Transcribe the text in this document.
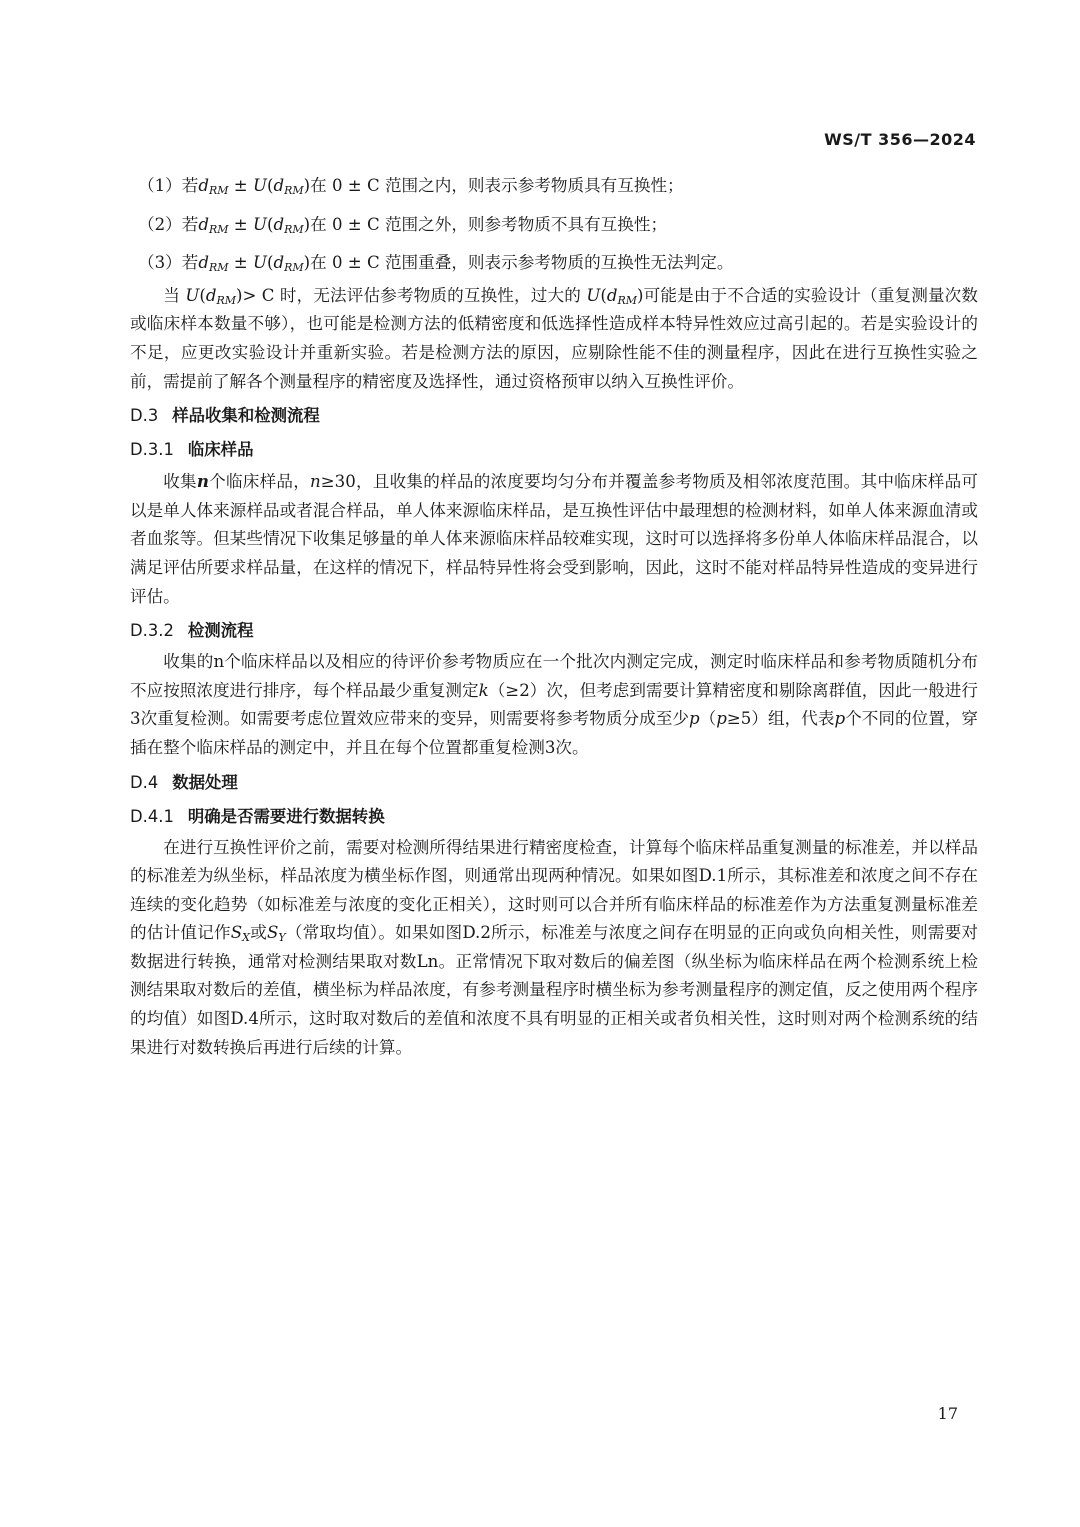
WS/T 356—2024
（1）若$d_{RM} \pm U(d_{RM})$在 0 ± C 范围之内，则表示参考物质具有互换性；
（2）若$d_{RM} \pm U(d_{RM})$在 0 ± C 范围之外，则参考物质不具有互换性；
（3）若$d_{RM} \pm U(d_{RM})$在 0 ± C 范围重叠，则表示参考物质的互换性无法判定。

当 $U(d_{RM})> C$ 时，无法评估参考物质的互换性，过大的 $U(d_{RM})$可能是由于不合适的实验设计（重复测量次数或临床样本数量不够），也可能是检测方法的低精密度和低选择性造成样本特异性效应过高引起的。若是实验设计的不足，应更改实验设计并重新实验。若是检测方法的原因，应剔除性能不佳的测量程序，因此在进行互换性实验之前，需提前了解各个测量程序的精密度及选择性，通过资格预审以纳入互换性评价。

D.3 样品收集和检测流程
D.3.1 临床样品

收集n个临床样品，n≥30，且收集的样品的浓度要均匀分布并覆盖参考物质及相邻浓度范围。其中临床样品可以是单人体来源样品或者混合样品，单人体来源临床样品，是互换性评估中最理想的检测材料，如单人体来源血清或者血浆等。但某些情况下收集足够量的单人体来源临床样品较难实现，这时可以选择将多份单人体临床样品混合，以满足评估所要求样品量，在这样的情况下，样品特异性将会受到影响，因此，这时不能对样品特异性造成的变异进行评估。

D.3.2 检测流程

收集的n个临床样品以及相应的待评价参考物质应在一个批次内测定完成，测定时临床样品和参考物质随机分布不应按照浓度进行排序，每个样品最少重复测定k（≥2）次，但考虑到需要计算精密度和剔除离群值，因此一般进行3次重复检测。如需要考虑位置效应带来的变异，则需要将参考物质分成至少p（p≥5）组，代表p个不同的位置，穿插在整个临床样品的测定中，并且在每个位置都重复检测3次。

D.4 数据处理
D.4.1 明确是否需要进行数据转换

在进行互换性评价之前，需要对检测所得结果进行精密度检查，计算每个临床样品重复测量的标准差，并以样品的标准差为纵坐标，样品浓度为横坐标作图，则通常出现两种情况。如果如图D.1所示，其标准差和浓度之间不存在连续的变化趋势（如标准差与浓度的变化正相关），这时则可以合并所有临床样品的标准差作为方法重复测量标准差的估计值记作$S_X$或$S_Y$（常取均值）。如果如图D.2所示，标准差与浓度之间存在明显的正向或负向相关性，则需要对数据进行转换，通常对检测结果取对数Ln。正常情况下取对数后的偏差图（纵坐标为临床样品在两个检测系统上检测结果取对数后的差值，横坐标为样品浓度，有参考测量程序时横坐标为参考测量程序的测定值，反之使用两个程序的均值）如图D.4所示，这时取对数后的差值和浓度不具有明显的正相关或者负相关性，这时则对两个检测系统的结果进行对数转换后再进行后续的计算。

17
